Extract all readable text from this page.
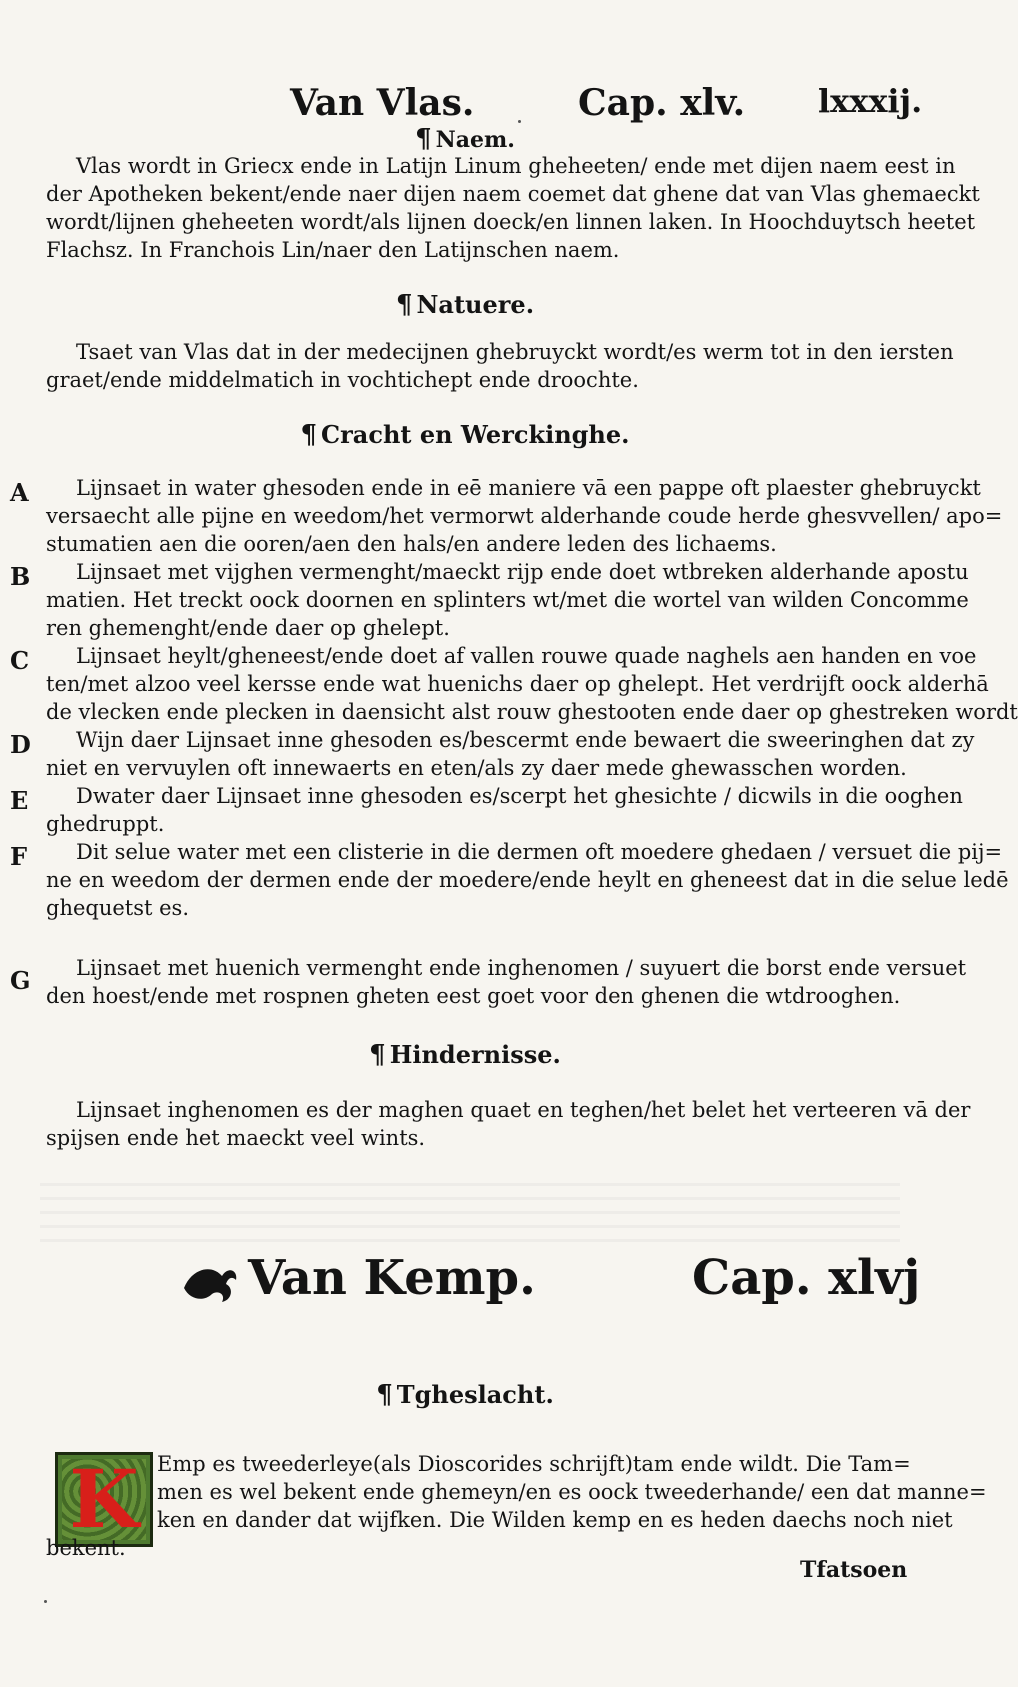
Van Vlas.	Cap. xlv. lxxxij.
¶ Naem.
Vlas wordt in Griecx ende in Latijn Linum gheheeten/ ende met dijen naem eest in
der Apotheken bekent/ende naer dijen naem coemet dat ghene dat van Vlas ghemaeckt
wordt/lijnen gheheeten wordt/als lijnen doeck/en linnen laken. In Hoochduytsch heetet
Flachsz. In Franchois Lin/naer den Latijnschen naem.
¶ Natuere.
Tsaet van Vlas dat in der medecijnen ghebruyckt wordt/es werm tot in den iersten
graet/ende middelmatich in vochtichept ende droochte.
¶ Cracht en Werckinghe.
A Lijnsaet in water ghesoden ende in eē maniere vā een pappe oft plaester ghebruyckt
versaecht alle pijne en weedom/het vermorwt alderhande coude herde ghesvvellen/ apo=
stumatien aen die ooren/aen den hals/en andere leden des lichaems.
B Lijnsaet met vijghen vermenght/maeckt rijp ende doet wtbreken alderhande apostu
matien. Het treckt oock doornen en splinters wt/met die wortel van wilden Concomme
ren ghemenght/ende daer op ghelept.
C Lijnsaet heylt/gheneest/ende doet af vallen rouwe quade naghels aen handen en voe
ten/met alzoo veel kersse ende wat huenichs daer op ghelept. Het verdrijft oock alderhā
de vlecken ende plecken in daensicht alst rouw ghestooten ende daer op ghestreken wordt
D Wijn daer Lijnsaet inne ghesoden es/bescermt ende bewaert die sweeringhen dat zy
niet en vervuylen oft innewaerts en eten/als zy daer mede ghewasschen worden.
E Dwater daer Lijnsaet inne ghesoden es/scerpt het ghesichte / dicwils in die ooghen
ghedruppt.
F Dit selue water met een clisterie in die dermen oft moedere ghedaen / versuet die pij=
ne en weedom der dermen ende der moedere/ende heylt en gheneest dat in die selue ledē
ghequetst es.
G Lijnsaet met huenich vermenght ende inghenomen / suyuert die borst ende versuet
den hoest/ende met rospnen gheten eest goet voor den ghenen die wtdrooghen.
¶ Hindernisse.
Lijnsaet inghenomen es der maghen quaet en teghen/het belet het verteeren vā der
spijsen ende het maeckt veel wints.
Van Kemp.	Cap. xlvj
¶ Tgheslacht.
K Emp es tweederleye(als Dioscorides schrijft)tam ende wildt. Die Tam=
men es wel bekent ende ghemeyn/en es oock tweederhande/ een dat manne=
ken en dander dat wijfken. Die Wilden kemp en es heden daechs noch niet
bekent.
Tfatsoen
